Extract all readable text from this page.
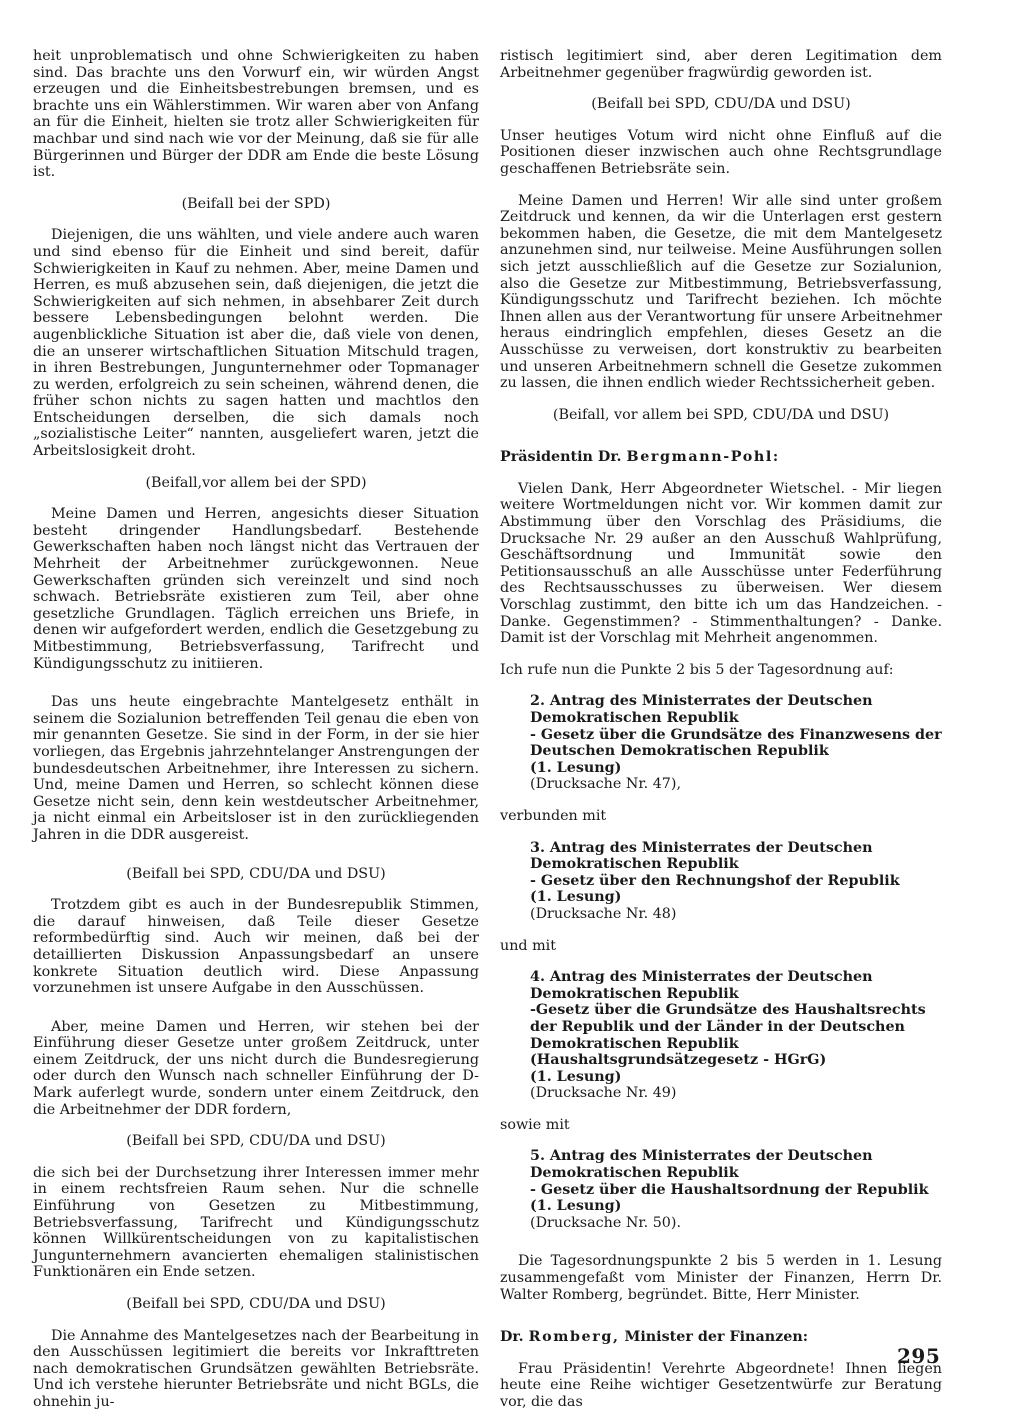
heit unproblematisch und ohne Schwierigkeiten zu haben sind. Das brachte uns den Vorwurf ein, wir würden Angst erzeugen und die Einheitsbestrebungen bremsen, und es brachte uns ein Wählerstimmen. Wir waren aber von Anfang an für die Einheit, hielten sie trotz aller Schwierigkeiten für machbar und sind nach wie vor der Meinung, daß sie für alle Bürgerinnen und Bürger der DDR am Ende die beste Lösung ist.

(Beifall bei der SPD)

Diejenigen, die uns wählten, und viele andere auch waren und sind ebenso für die Einheit und sind bereit, dafür Schwierigkeiten in Kauf zu nehmen. Aber, meine Damen und Herren, es muß abzusehen sein, daß diejenigen, die jetzt die Schwierigkeiten auf sich nehmen, in absehbarer Zeit durch bessere Lebensbedingungen belohnt werden. Die augenblickliche Situation ist aber die, daß viele von denen, die an unserer wirtschaftlichen Situation Mitschuld tragen, in ihren Bestrebungen, Jungunternehmer oder Topmanager zu werden, erfolgreich zu sein scheinen, während denen, die früher schon nichts zu sagen hatten und machtlos den Entscheidungen derselben, die sich damals noch „sozialistische Leiter“ nannten, ausgeliefert waren, jetzt die Arbeitslosigkeit droht.

(Beifall,vor allem bei der SPD)

Meine Damen und Herren, angesichts dieser Situation besteht dringender Handlungsbedarf. Bestehende Gewerkschaften haben noch längst nicht das Vertrauen der Mehrheit der Arbeitnehmer zurückgewonnen. Neue Gewerkschaften gründen sich vereinzelt und sind noch schwach. Betriebsräte existieren zum Teil, aber ohne gesetzliche Grundlagen. Täglich erreichen uns Briefe, in denen wir aufgefordert werden, endlich die Gesetzgebung zu Mitbestimmung, Betriebsverfassung, Tarifrecht und Kündigungsschutz zu initiieren.

Das uns heute eingebrachte Mantelgesetz enthält in seinem die Sozialunion betreffenden Teil genau die eben von mir genannten Gesetze. Sie sind in der Form, in der sie hier vorliegen, das Ergebnis jahrzehntelanger Anstrengungen der bundesdeutschen Arbeitnehmer, ihre Interessen zu sichern. Und, meine Damen und Herren, so schlecht können diese Gesetze nicht sein, denn kein westdeutscher Arbeitnehmer, ja nicht einmal ein Arbeitsloser ist in den zurückliegenden Jahren in die DDR ausgereist.

(Beifall bei SPD, CDU/DA und DSU)

Trotzdem gibt es auch in der Bundesrepublik Stimmen, die darauf hinweisen, daß Teile dieser Gesetze reformbedürftig sind. Auch wir meinen, daß bei der detaillierten Diskussion Anpassungsbedarf an unsere konkrete Situation deutlich wird. Diese Anpassung vorzunehmen ist unsere Aufgabe in den Ausschüssen.

Aber, meine Damen und Herren, wir stehen bei der Einführung dieser Gesetze unter großem Zeitdruck, unter einem Zeitdruck, der uns nicht durch die Bundesregierung oder durch den Wunsch nach schneller Einführung der D-Mark auferlegt wurde, sondern unter einem Zeitdruck, den die Arbeitnehmer der DDR fordern,

(Beifall bei SPD, CDU/DA und DSU)

die sich bei der Durchsetzung ihrer Interessen immer mehr in einem rechtsfreien Raum sehen. Nur die schnelle Einführung von Gesetzen zu Mitbestimmung, Betriebsverfassung, Tarifrecht und Kündigungsschutz können Willkürentscheidungen von zu kapitalistischen Jungunternehmern avancierten ehemaligen stalinistischen Funktionären ein Ende setzen.

(Beifall bei SPD, CDU/DA und DSU)

Die Annahme des Mantelgesetzes nach der Bearbeitung in den Ausschüssen legitimiert die bereits vor Inkrafttreten nach demokratischen Grundsätzen gewählten Betriebsräte. Und ich verstehe hierunter Betriebsräte und nicht BGLs, die ohnehin ju-

ristisch legitimiert sind, aber deren Legitimation dem Arbeitnehmer gegenüber fragwürdig geworden ist.

(Beifall bei SPD, CDU/DA und DSU)

Unser heutiges Votum wird nicht ohne Einfluß auf die Positionen dieser inzwischen auch ohne Rechtsgrundlage geschaffenen Betriebsräte sein.

Meine Damen und Herren! Wir alle sind unter großem Zeitdruck und kennen, da wir die Unterlagen erst gestern bekommen haben, die Gesetze, die mit dem Mantelgesetz anzunehmen sind, nur teilweise. Meine Ausführungen sollen sich jetzt ausschließlich auf die Gesetze zur Sozialunion, also die Gesetze zur Mitbestimmung, Betriebsverfassung, Kündigungsschutz und Tarifrecht beziehen. Ich möchte Ihnen allen aus der Verantwortung für unsere Arbeitnehmer heraus eindringlich empfehlen, dieses Gesetz an die Ausschüsse zu verweisen, dort konstruktiv zu bearbeiten und unseren Arbeitnehmern schnell die Gesetze zukommen zu lassen, die ihnen endlich wieder Rechtssicherheit geben.

(Beifall, vor allem bei SPD, CDU/DA und DSU)

Präsidentin Dr. Bergmann-Pohl:

Vielen Dank, Herr Abgeordneter Wietschel. - Mir liegen weitere Wortmeldungen nicht vor. Wir kommen damit zur Abstimmung über den Vorschlag des Präsidiums, die Drucksache Nr. 29 außer an den Ausschuß Wahlprüfung, Geschäftsordnung und Immunität sowie den Petitionsausschuß an alle Ausschüsse unter Federführung des Rechtsausschusses zu überweisen. Wer diesem Vorschlag zustimmt, den bitte ich um das Handzeichen. - Danke. Gegenstimmen? - Stimmenthaltungen? - Danke. Damit ist der Vorschlag mit Mehrheit angenommen.

Ich rufe nun die Punkte 2 bis 5 der Tagesordnung auf:

2. Antrag des Ministerrates der Deutschen Demokratischen Republik

- Gesetz über die Grundsätze des Finanzwesens der Deutschen Demokratischen Republik

(1. Lesung)

(Drucksache Nr. 47),

verbunden mit

3. Antrag des Ministerrates der Deutschen Demokratischen Republik

- Gesetz über den Rechnungshof der Republik

(1. Lesung)

(Drucksache Nr. 48)

und mit

4. Antrag des Ministerrates der Deutschen Demokratischen Republik

-Gesetz über die Grundsätze des Haushaltsrechts der Republik und der Länder in der Deutschen Demokratischen Republik (Haushaltsgrundsätzegesetz - HGrG)

(1. Lesung)

(Drucksache Nr. 49)

sowie mit

5. Antrag des Ministerrates der Deutschen Demokratischen Republik

- Gesetz über die Haushaltsordnung der Republik

(1. Lesung)

(Drucksache Nr. 50).

Die Tagesordnungspunkte 2 bis 5 werden in 1. Lesung zusammengefaßt vom Minister der Finanzen, Herrn Dr. Walter Romberg, begründet. Bitte, Herr Minister.

Dr. Romberg, Minister der Finanzen:

Frau Präsidentin! Verehrte Abgeordnete! Ihnen liegen heute eine Reihe wichtiger Gesetzentwürfe zur Beratung vor, die das

295
